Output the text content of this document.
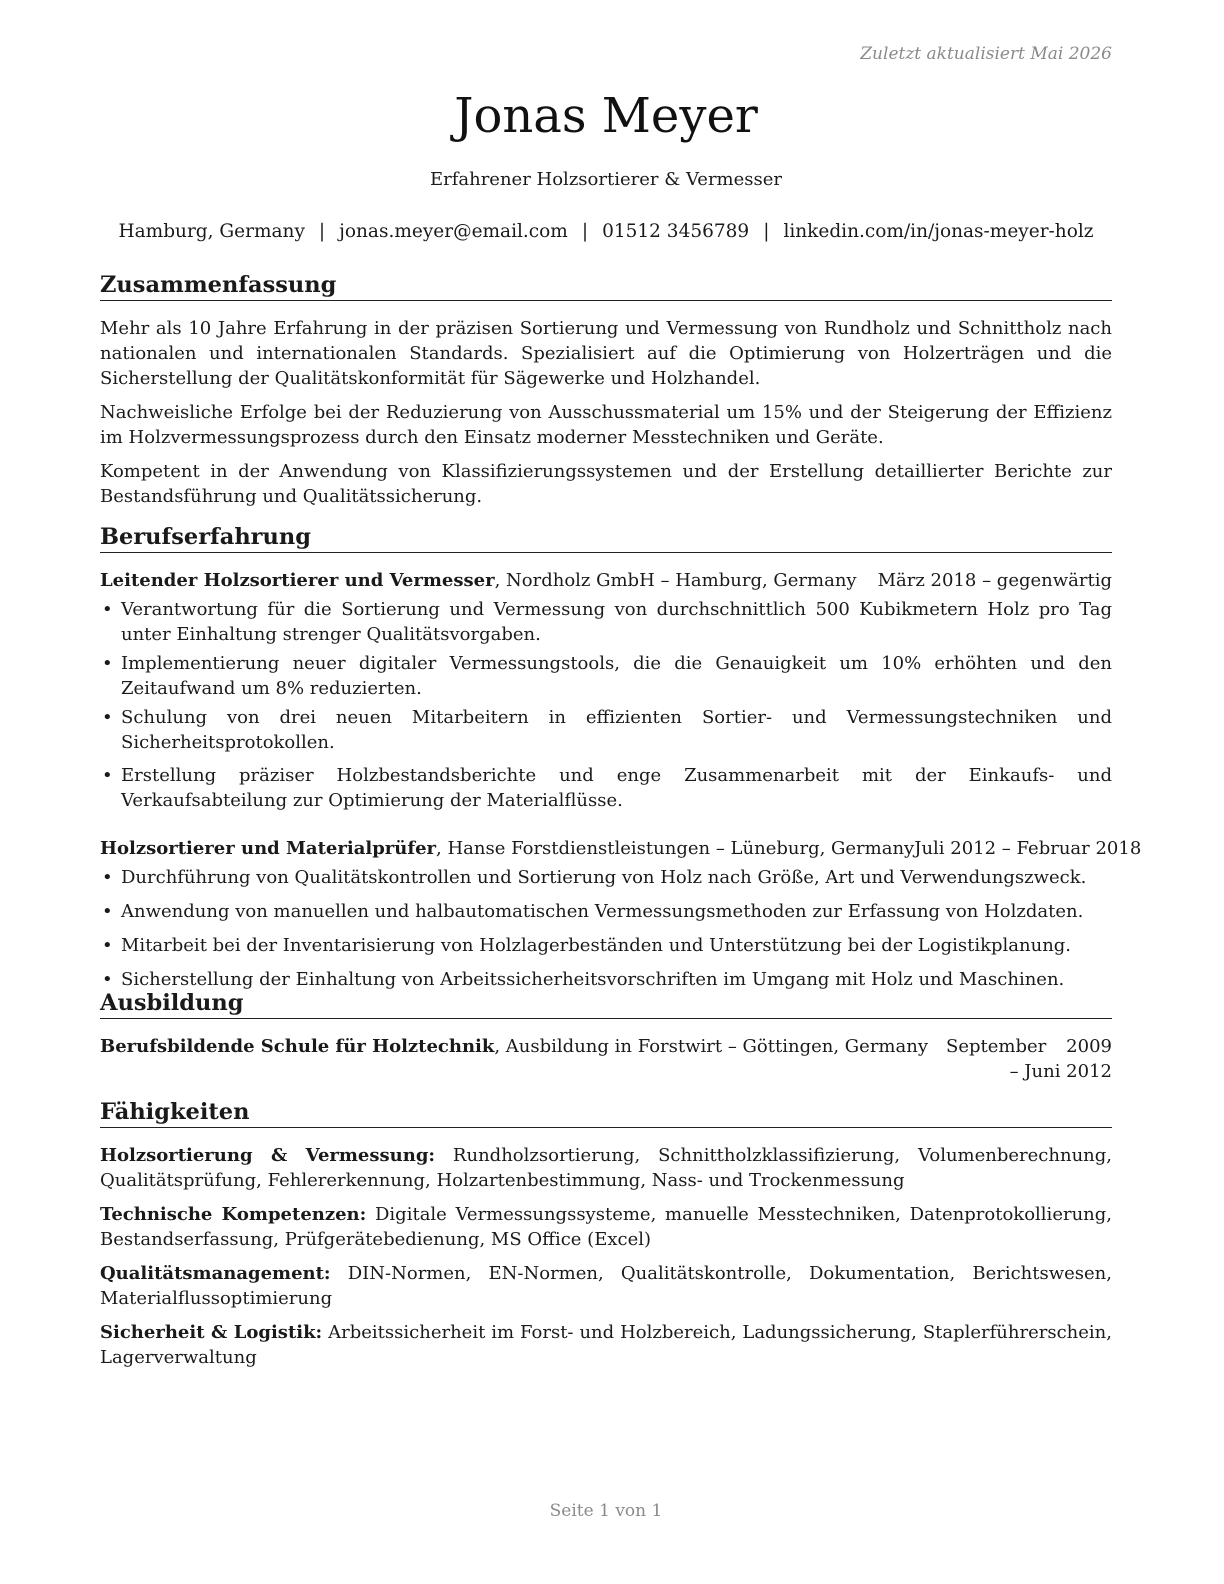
Zuletzt aktualisiert Mai 2026
Jonas Meyer
Erfahrener Holzsortierer & Vermesser
Hamburg, Germany | jonas.meyer@email.com | 01512 3456789 | linkedin.com/in/jonas-meyer-holz
Zusammenfassung

Mehr als 10 Jahre Erfahrung in der präzisen Sortierung und Vermessung von Rundholz und Schnittholz nach nationalen und internationalen Standards. Spezialisiert auf die Optimierung von Holzerträgen und die Sicherstellung der Qualitätskonformität für Sägewerke und Holzhandel.

Nachweisliche Erfolge bei der Reduzierung von Ausschussmaterial um 15% und der Steigerung der Effizienz im Holzvermessungsprozess durch den Einsatz moderner Messtechniken und Geräte.

Kompetent in der Anwendung von Klassifizierungssystemen und der Erstellung detaillierter Berichte zur Bestandsführung und Qualitätssicherung.

Berufserfahrung
Leitender Holzsortierer und Vermesser, Nordholz GmbH – Hamburg, Germany März 2018 – gegenwärtig
• Verantwortung für die Sortierung und Vermessung von durchschnittlich 500 Kubikmetern Holz pro Tag unter Einhaltung strenger Qualitätsvorgaben.
• Implementierung neuer digitaler Vermessungstools, die die Genauigkeit um 10% erhöhten und den Zeitaufwand um 8% reduzierten.
• Schulung von drei neuen Mitarbeitern in effizienten Sortier- und Vermessungstechniken und Sicherheitsprotokollen.
• Erstellung präziser Holzbestandsberichte und enge Zusammenarbeit mit der Einkaufs- und Verkaufsabteilung zur Optimierung der Materialflüsse.
Holzsortierer und Materialprüfer, Hanse Forstdienstleistungen – Lüneburg, Germany Juli 2012 – Februar 2018
• Durchführung von Qualitätskontrollen und Sortierung von Holz nach Größe, Art und Verwendungszweck.
• Anwendung von manuellen und halbautomatischen Vermessungsmethoden zur Erfassung von Holzdaten.
• Mitarbeit bei der Inventarisierung von Holzlagerbeständen und Unterstützung bei der Logistikplanung.
• Sicherstellung der Einhaltung von Arbeitssicherheitsvorschriften im Umgang mit Holz und Maschinen.
Ausbildung
Berufsbildende Schule für Holztechnik, Ausbildung in Forstwirt – Göttingen, Germany September 2009 – Juni 2012
Fähigkeiten

Holzsortierung & Vermessung: Rundholzsortierung, Schnittholzklassifizierung, Volumenberechnung, Qualitätsprüfung, Fehlererkennung, Holzartenbestimmung, Nass- und Trockenmessung

Technische Kompetenzen: Digitale Vermessungssysteme, manuelle Messtechniken, Datenprotokollierung, Bestandserfassung, Prüfgerätebedienung, MS Office (Excel)

Qualitätsmanagement: DIN-Normen, EN-Normen, Qualitätskontrolle, Dokumentation, Berichtswesen, Materialflussoptimierung

Sicherheit & Logistik: Arbeitssicherheit im Forst- und Holzbereich, Ladungssicherung, Staplerführerschein, Lagerverwaltung

Seite 1 von 1
